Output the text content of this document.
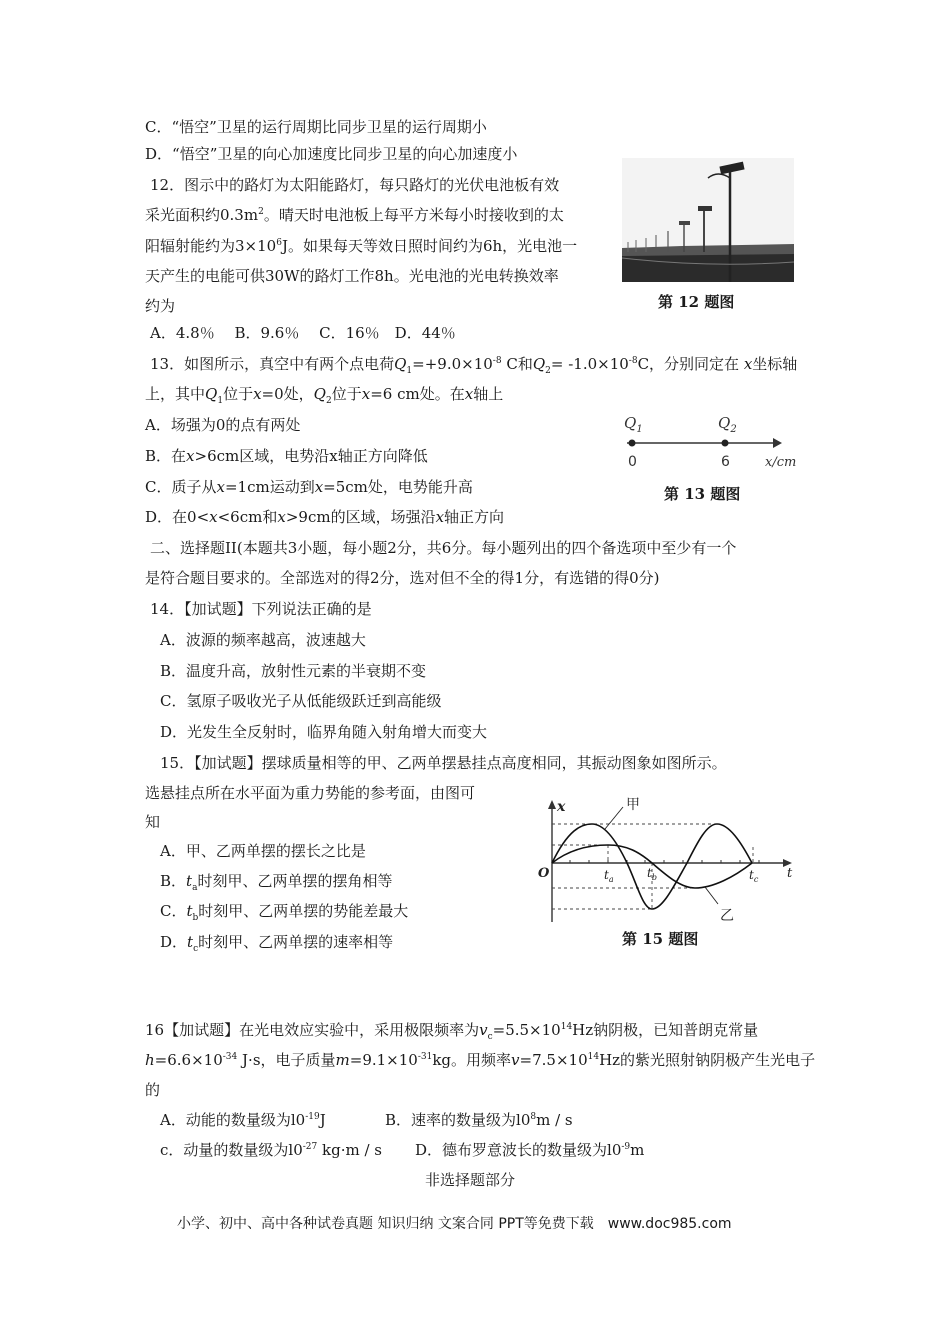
C．“悟空”卫星的运行周期比同步卫星的运行周期小
D．“悟空”卫星的向心加速度比同步卫星的向心加速度小
12．图示中的路灯为太阳能路灯，每只路灯的光伏电池板有效
采光面积约$0.3m^2$。晴天时电池板上每平方米每小时接收到的太
阳辐射能约为$3\times 10^6J$。如果每天等效日照时间约为6h，光电池一
天产生的电能可供30W的路灯工作8h。光电池的光电转换效率
约为
A．4.8％　 B．9.6％　 C．16％　D．44％
第 12 题图
13．如图所示，真空中有两个点电荷$Q_1=+9.0\times 10^{-8}$ C和$Q_2= -1.0\times 10^{-8}C$，分别同定在 x坐标轴
上，其中$Q_1$位于x=0处，$Q_2$位于x=6 cm处。在x轴上
A．场强为0的点有两处
B．在x>6cm区域，电势沿x轴正方向降低
C．质子从x=1cm运动到x=5cm处，电势能升高
D．在0<x<6cm和x>9cm的区域，场强沿x轴正方向
$Q_1$	$Q_2$
0	6	x/cm
第 13 题图
二、选择题II(本题共3小题，每小题2分，共6分。每小题列出的四个备选项中至少有一个
是符合题目要求的。全部选对的得2分，选对但不全的得1分，有选错的得0分)
14．【加试题】下列说法正确的是
A．波源的频率越高，波速越大
B．温度升高，放射性元素的半衰期不变
C．氢原子吸收光子从低能级跃迁到高能级
D．光发生全反射时，临界角随入射角增大而变大
15．【加试题】摆球质量相等的甲、乙两单摆悬挂点高度相同，其振动图象如图所示。
选悬挂点所在水平面为重力势能的参考面，由图可
知
A．甲、乙两单摆的摆长之比是
B．$t_a$时刻甲、乙两单摆的摆角相等
C．$t_b$时刻甲、乙两单摆的势能差最大
D．$t_c$时刻甲、乙两单摆的速率相等
x	甲
乙
O	t
$t_a$	$t_b$	$t_c$
第 15 题图
16【加试题】在光电效应实验中，采用极限频率为$v_c=5.5\times 10^{14}Hz$钠阴极，已知普朗克常量
$h=6.6\times 10^{-34}$ J·s，电子质量$m=9.1\times 10^{-31}kg$。用频率$v=7.5\times 10^{14}Hz$的紫光照射钠阴极产生光电子
的
A．动能的数量级为$l0^{-19}J$	B．速率的数量级为$l0^8m$ / s
c．动量的数量级为$l0^{-27}$ kg·m / s D．德布罗意波长的数量级为$l0^{-9}m$
非选择题部分
小学、初中、高中各种试卷真题 知识归纳 文案合同 PPT等免费下载　www.doc985.com
